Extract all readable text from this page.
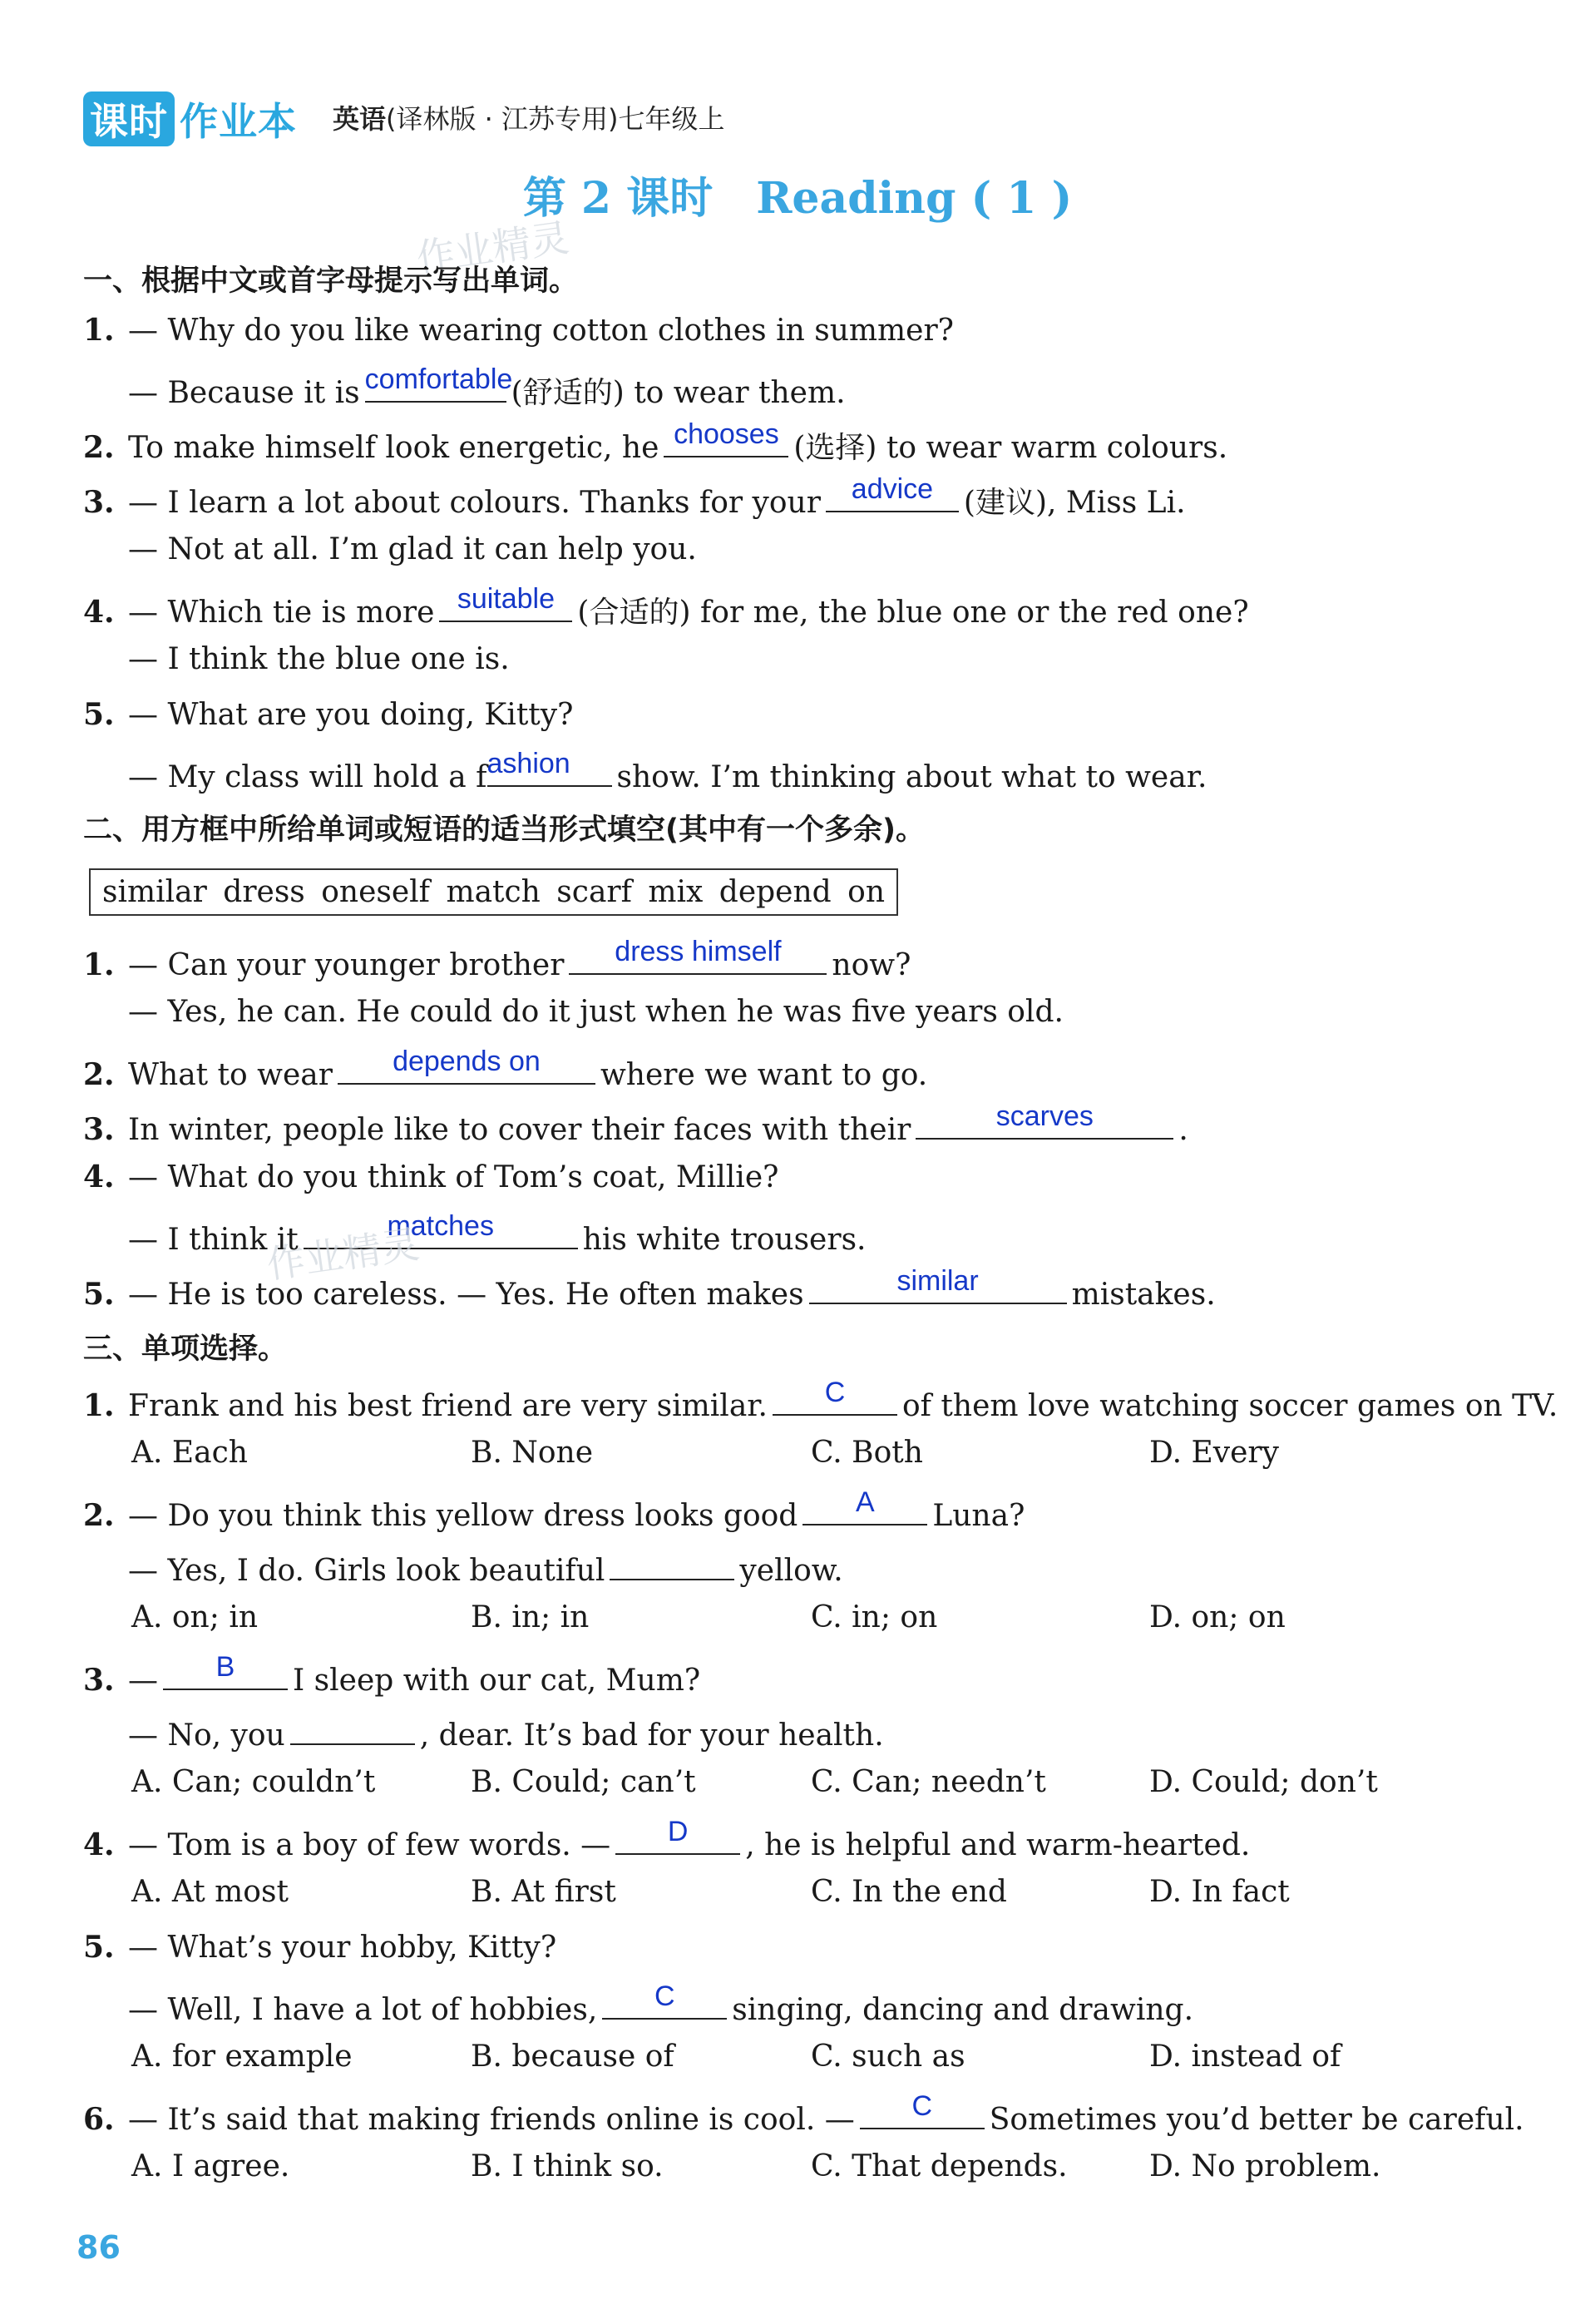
课时 作业本 英语(译林版 · 江苏专用)七年级上
第 2 课时　Reading ( 1 )
作业精灵
一、根据中文或首字母提示写出单词。
1. — Why do you like wearing cotton clothes in summer?
— Because it is comfortable
(舒适的) to wear them.
2. To make himself look energetic, he chooses (选择) to wear warm colours.
3. — I learn a lot about colours. Thanks for your	advice	(建议), Miss Li.
— Not at all. I’m glad it can help you.
4. — Which tie is more suitable (合适的) for me, the blue one or the red one?
— I think the blue one is.
5. — What are you doing, Kitty?
— My class will hold a f ashion	show. I’m thinking about what to wear.
二、用方框中所给单词或短语的适当形式填空(其中有一个多余)。
similar dress oneself match scarf mix depend on
1. — Can your younger brother	dress himself	now?
— Yes, he can. He could do it just when he was five years old.
2. What to wear	depends on	where we want to go.
3. In winter, people like to cover their faces with their	scarves	.
4. — What do you think of Tom’s coat, Millie?
— I think it	matches	his white trousers.
作业精灵
5. — He is too careless. — Yes. He often makes	similar	mistakes.
三、单项选择。
1. Frank and his best friend are very similar.	C	of them love watching soccer games on TV.
A. Each	B. None	C. Both	D. Every
2. — Do you think this yellow dress looks good	A	Luna?
— Yes, I do. Girls look beautiful	yellow.
A. on; in	B. in; in	C. in; on	D. on; on
3. —	B	I sleep with our cat, Mum?
— No, you	, dear. It’s bad for your health.
A. Can; couldn’t	B. Could; can’t	C. Can; needn’t	D. Could; don’t
4. — Tom is a boy of few words. —	D	, he is helpful and warm-hearted.
A. At most	B. At first	C. In the end	D. In fact
5. — What’s your hobby, Kitty?
— Well, I have a lot of hobbies,	C	singing, dancing and drawing.
A. for example	B. because of	C. such as	D. instead of
6. — It’s said that making friends online is cool. —	C	Sometimes you’d better be careful.
A. I agree.	B. I think so.	C. That depends.	D. No problem.
86
